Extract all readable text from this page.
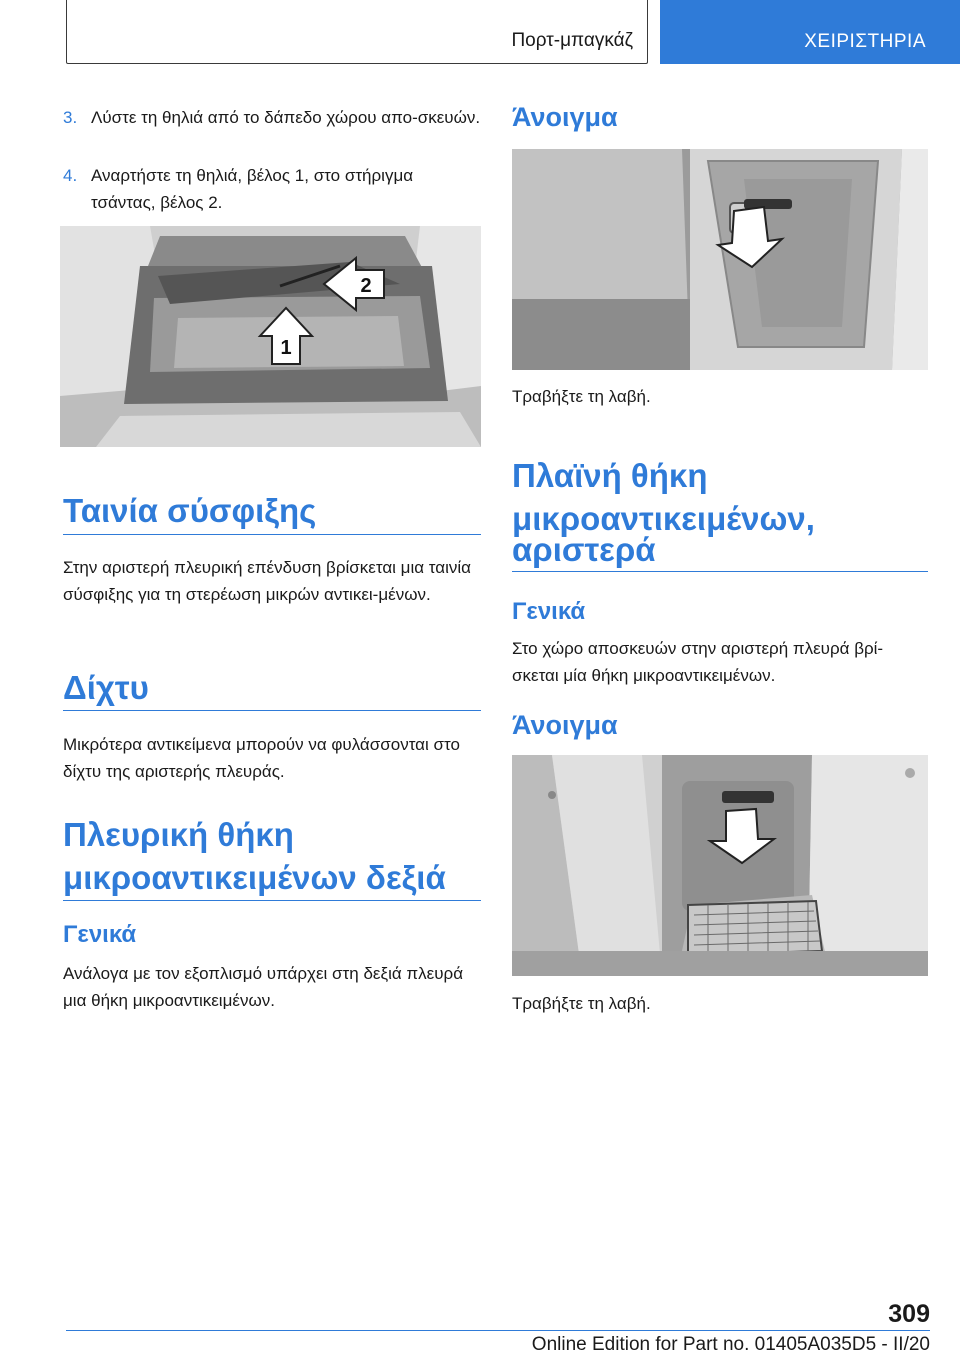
Πορτ-μπαγκάζ	ΧΕΙΡΙΣΤΗΡΙΑ
3. Λύστε τη θηλιά από το δάπεδο χώρου απο-σκευών.
4. Αναρτήστε τη θηλιά, βέλος 1, στο στήριγμα τσάντας, βέλος 2.
1
2
Ταινία σύσφιξης
Στην αριστερή πλευρική επένδυση βρίσκεται μια ταινία σύσφιξης για τη στερέωση μικρών αντικει-μένων.
Δίχτυ
Μικρότερα αντικείμενα μπορούν να φυλάσσονται στο δίχτυ της αριστερής πλευράς.
Πλευρική θήκη
μικροαντικειμένων δεξιά
Γενικά
Ανάλογα με τον εξοπλισμό υπάρχει στη δεξιά πλευρά μια θήκη μικροαντικειμένων.
Άνοιγμα
Τραβήξτε τη λαβή.
Πλαϊνή θήκη
μικροαντικειμένων,
αριστερά
Γενικά
Στο χώρο αποσκευών στην αριστερή πλευρά βρί-σκεται μία θήκη μικροαντικειμένων.
Άνοιγμα
Τραβήξτε τη λαβή.
309
Online Edition for Part no. 01405A035D5 - II/20
